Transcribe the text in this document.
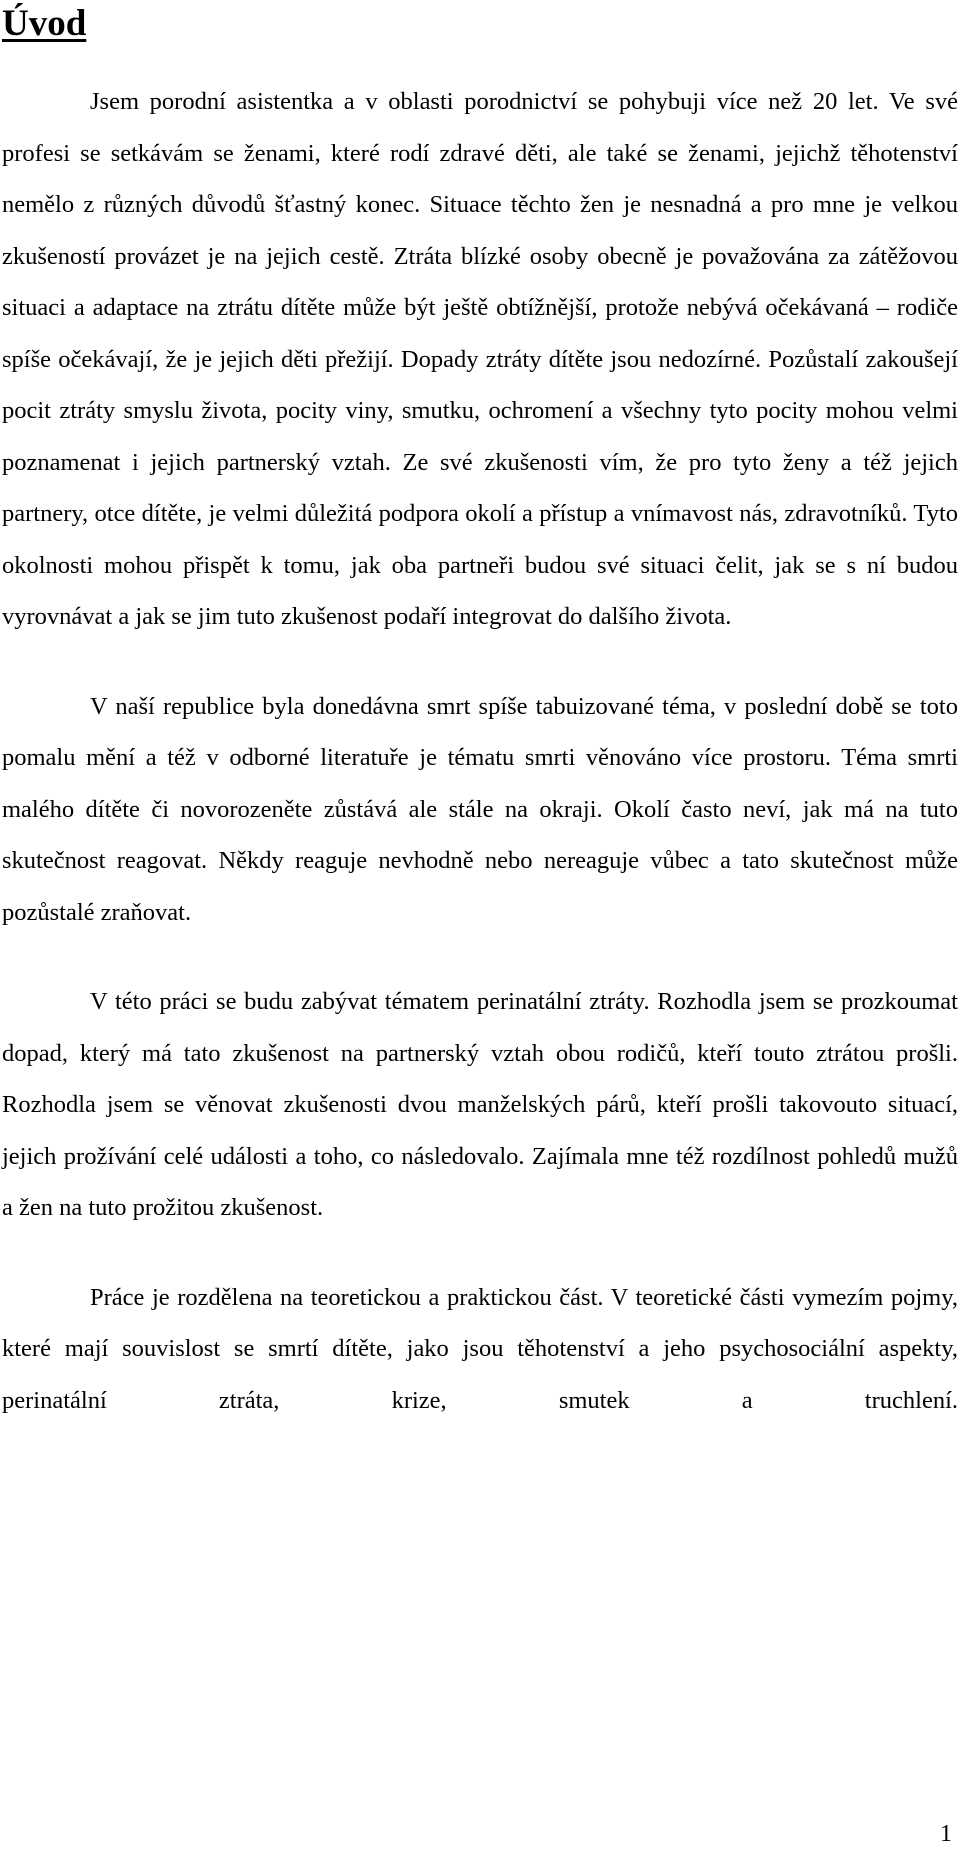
Úvod

Jsem porodní asistentka a v oblasti porodnictví se pohybuji více než 20 let. Ve své profesi se setkávám se ženami, které rodí zdravé děti, ale také se ženami, jejichž těhotenství nemělo z různých důvodů šťastný konec. Situace těchto žen je nesnadná a pro mne je velkou zkušeností provázet je na jejich cestě. Ztráta blízké osoby obecně je považována za zátěžovou situaci a adaptace na ztrátu dítěte může být ještě obtížnější, protože nebývá očekávaná – rodiče spíše očekávají, že je jejich děti přežijí. Dopady ztráty dítěte jsou nedozírné. Pozůstalí zakoušejí pocit ztráty smyslu života, pocity viny, smutku, ochromení a všechny tyto pocity mohou velmi poznamenat i jejich partnerský vztah. Ze své zkušenosti vím, že pro tyto ženy a též jejich partnery, otce dítěte, je velmi důležitá podpora okolí a přístup a vnímavost nás, zdravotníků. Tyto okolnosti mohou přispět k tomu, jak oba partneři budou své situaci čelit, jak se s ní budou vyrovnávat a jak se jim tuto zkušenost podaří integrovat do dalšího života.

V naší republice byla donedávna smrt spíše tabuizované téma, v poslední době se toto pomalu mění a též v odborné literatuře je tématu smrti věnováno více prostoru. Téma smrti malého dítěte či novorozeněte zůstává ale stále na okraji. Okolí často neví, jak má na tuto skutečnost reagovat. Někdy reaguje nevhodně nebo nereaguje vůbec a tato skutečnost může pozůstalé zraňovat.

V této práci se budu zabývat tématem perinatální ztráty. Rozhodla jsem se prozkoumat dopad, který má tato zkušenost na partnerský vztah obou rodičů, kteří touto ztrátou prošli. Rozhodla jsem se věnovat zkušenosti dvou manželských párů, kteří prošli takovouto situací, jejich prožívání celé události a toho, co následovalo. Zajímala mne též rozdílnost pohledů mužů a žen na tuto prožitou zkušenost.

Práce je rozdělena na teoretickou a praktickou část. V teoretické části vymezím pojmy, které mají souvislost se smrtí dítěte, jako jsou těhotenství a jeho psychosociální aspekty, perinatální ztráta, krize, smutek a truchlení.

1
